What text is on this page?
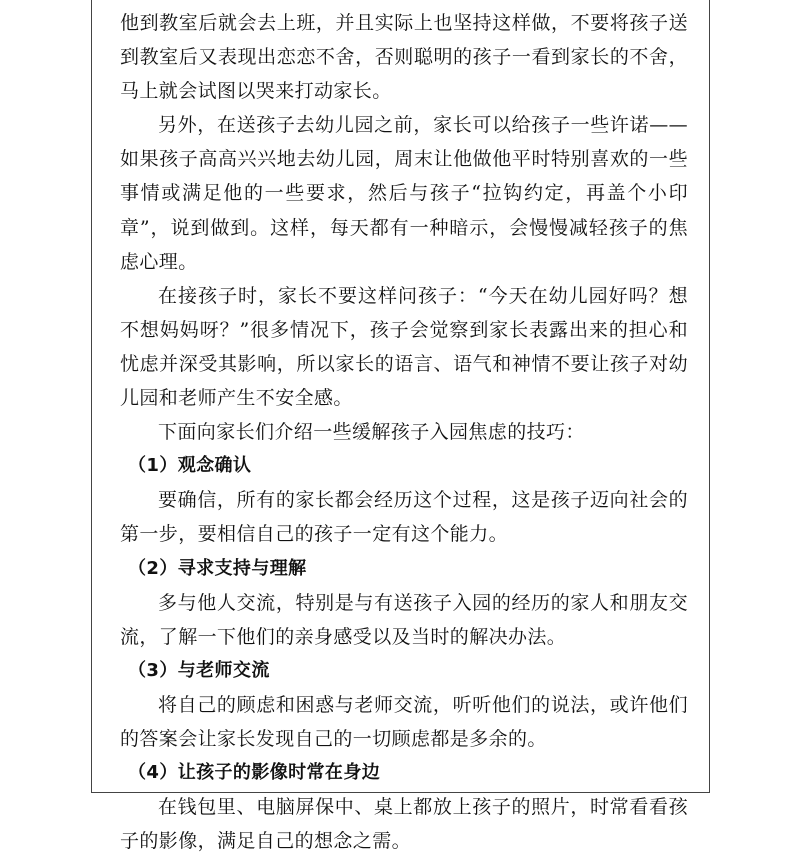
他到教室后就会去上班，并且实际上也坚持这样做，不要将孩子送到教室后又表现出恋恋不舍，否则聪明的孩子一看到家长的不舍，马上就会试图以哭来打动家长。

另外，在送孩子去幼儿园之前，家长可以给孩子一些许诺——如果孩子高高兴兴地去幼儿园，周末让他做他平时特别喜欢的一些事情或满足他的一些要求，然后与孩子“拉钩约定，再盖个小印章”，说到做到。这样，每天都有一种暗示，会慢慢减轻孩子的焦虑心理。

在接孩子时，家长不要这样问孩子：“今天在幼儿园好吗？想不想妈妈呀？”很多情况下，孩子会觉察到家长表露出来的担心和忧虑并深受其影响，所以家长的语言、语气和神情不要让孩子对幼儿园和老师产生不安全感。

下面向家长们介绍一些缓解孩子入园焦虑的技巧：

（1）观念确认

要确信，所有的家长都会经历这个过程，这是孩子迈向社会的第一步，要相信自己的孩子一定有这个能力。

（2）寻求支持与理解

多与他人交流，特别是与有送孩子入园的经历的家人和朋友交流，了解一下他们的亲身感受以及当时的解决办法。

（3）与老师交流

将自己的顾虑和困惑与老师交流，听听他们的说法，或许他们的答案会让家长发现自己的一切顾虑都是多余的。

（4）让孩子的影像时常在身边

在钱包里、电脑屏保中、桌上都放上孩子的照片，时常看看孩子的影像，满足自己的想念之需。
